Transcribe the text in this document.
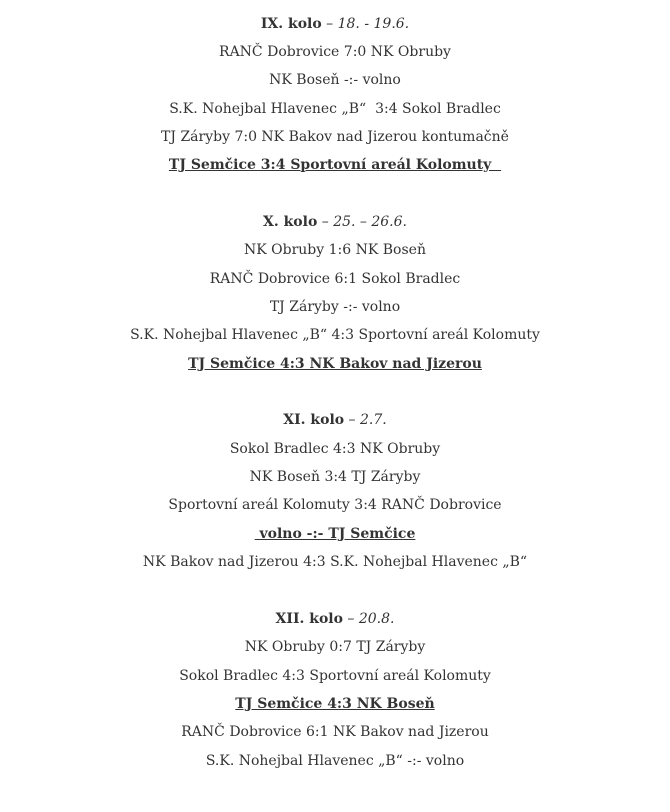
IX. kolo – 18. - 19.6.
RANČ Dobrovice 7:0 NK Obruby
NK Boseň -:- volno
S.K. Nohejbal Hlavenec „B“  3:4 Sokol Bradlec
TJ Záryby 7:0 NK Bakov nad Jizerou kontumačně
TJ Semčice 3:4 Sportovní areál Kolomuty
X. kolo – 25. – 26.6.
NK Obruby 1:6 NK Boseň
RANČ Dobrovice 6:1 Sokol Bradlec
TJ Záryby -:- volno
S.K. Nohejbal Hlavenec „B“ 4:3 Sportovní areál Kolomuty
TJ Semčice 4:3 NK Bakov nad Jizerou
XI. kolo – 2.7.
Sokol Bradlec 4:3 NK Obruby
NK Boseň 3:4 TJ Záryby
Sportovní areál Kolomuty 3:4 RANČ Dobrovice
volno -:- TJ Semčice
NK Bakov nad Jizerou 4:3 S.K. Nohejbal Hlavenec „B“
XII. kolo – 20.8.
NK Obruby 0:7 TJ Záryby
Sokol Bradlec 4:3 Sportovní areál Kolomuty
TJ Semčice 4:3 NK Boseň
RANČ Dobrovice 6:1 NK Bakov nad Jizerou
S.K. Nohejbal Hlavenec „B“ -:- volno
